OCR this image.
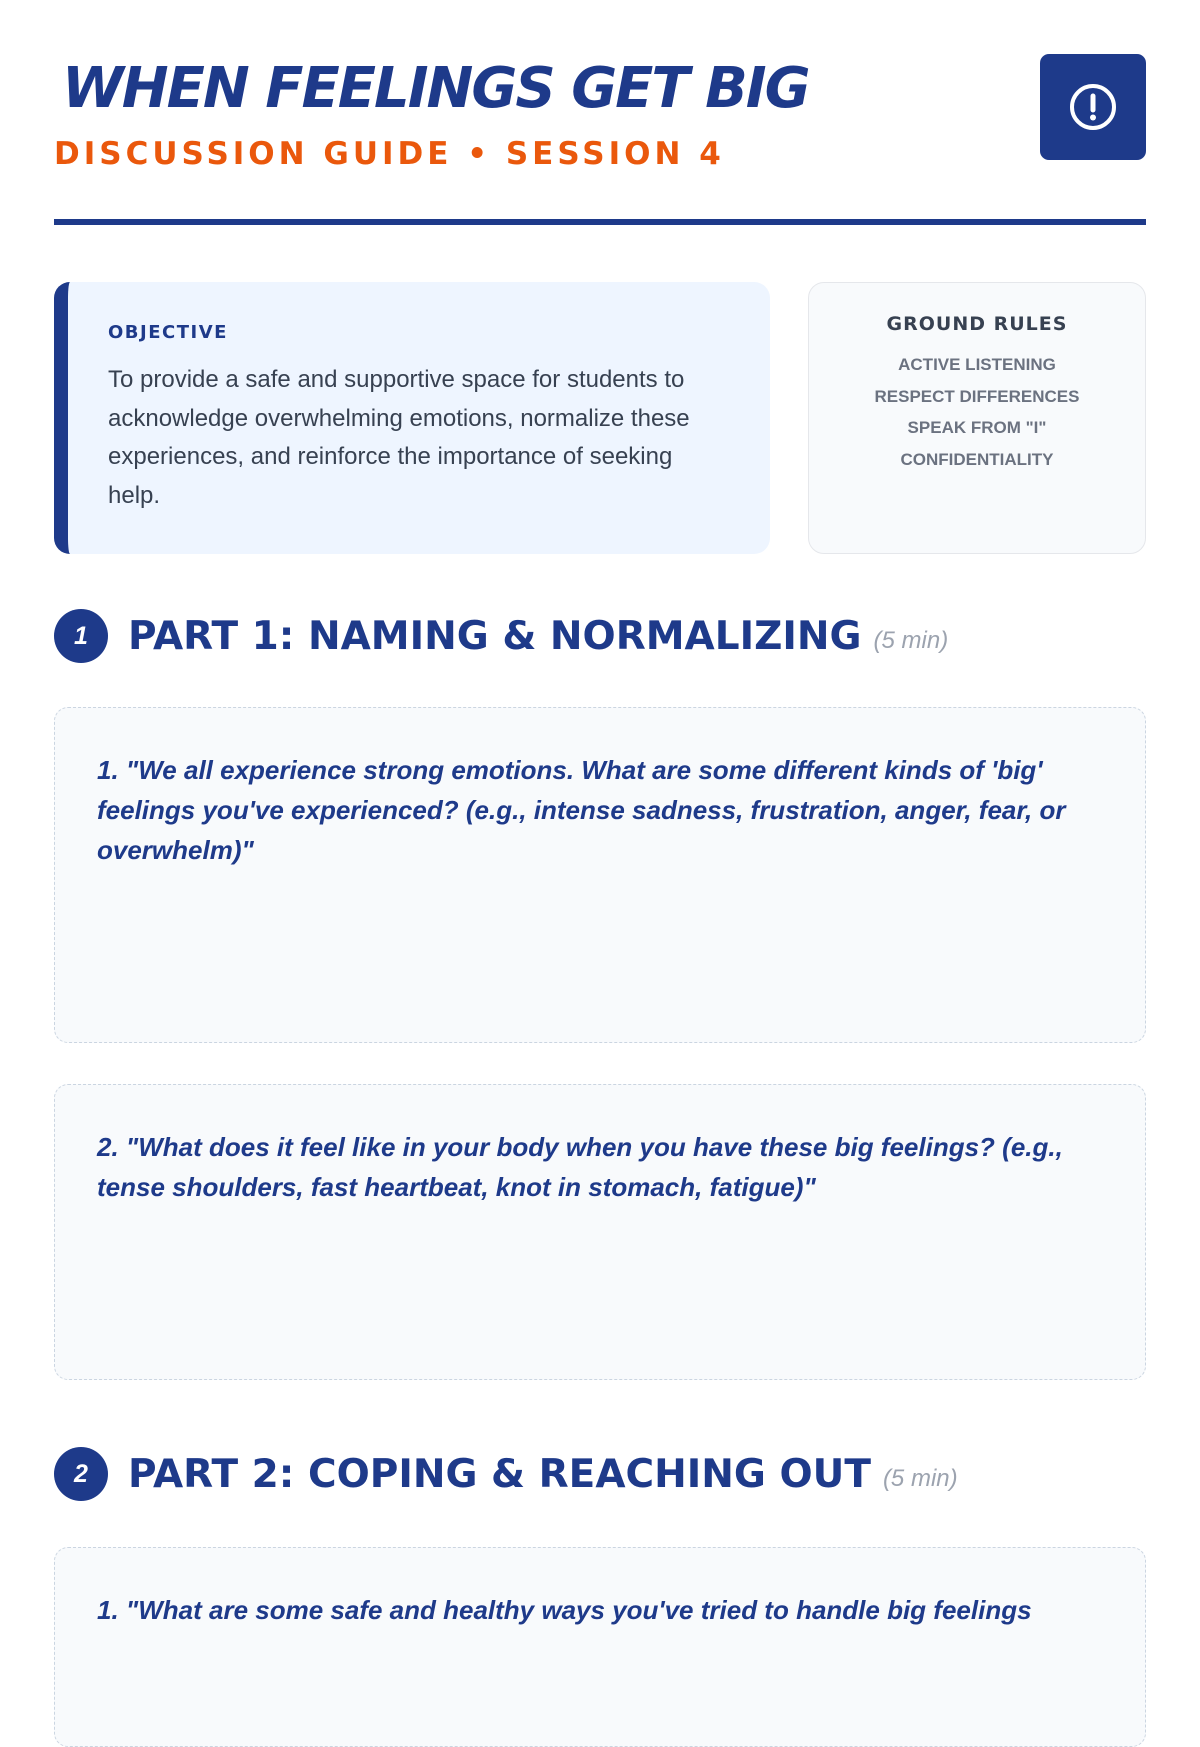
WHEN FEELINGS GET BIG
DISCUSSION GUIDE • SESSION 4
OBJECTIVE

To provide a safe and supportive space for students to acknowledge overwhelming emotions, normalize these experiences, and reinforce the importance of seeking help.

GROUND RULES
ACTIVE LISTENING
RESPECT DIFFERENCES
SPEAK FROM "I"
CONFIDENTIALITY
1	PART 1: NAMING & NORMALIZING (5 min)

1. "We all experience strong emotions. What are some different kinds of 'big' feelings you've experienced? (e.g., intense sadness, frustration, anger, fear, or overwhelm)"

2. "What does it feel like in your body when you have these big feelings? (e.g., tense shoulders, fast heartbeat, knot in stomach, fatigue)"

2	PART 2: COPING & REACHING OUT (5 min)

1. "What are some safe and healthy ways you've tried to handle big feelings
